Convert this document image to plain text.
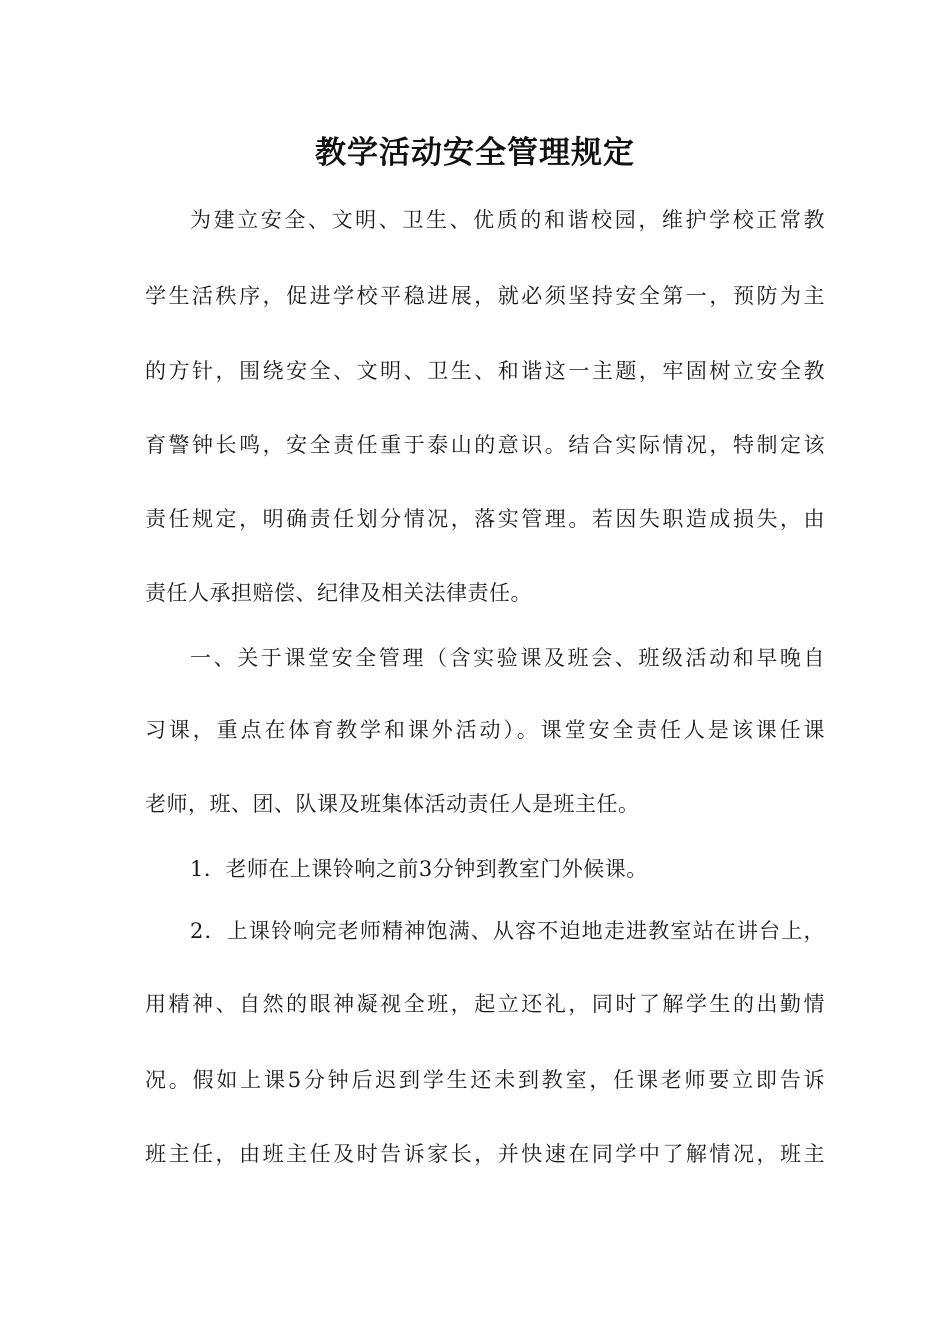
教学活动安全管理规定
为建立安全、文明、卫生、优质的和谐校园，维护学校正常教
学生活秩序，促进学校平稳进展，就必须坚持安全第一，预防为主
的方针，围绕安全、文明、卫生、和谐这一主题，牢固树立安全教
育警钟长鸣，安全责任重于泰山的意识。结合实际情况，特制定该
责任规定，明确责任划分情况，落实管理。若因失职造成损失，由
责任人承担赔偿、纪律及相关法律责任。
一、关于课堂安全管理（含实验课及班会、班级活动和早晚自
习课，重点在体育教学和课外活动）。课堂安全责任人是该课任课
老师，班、团、队课及班集体活动责任人是班主任。
1．老师在上课铃响之前3分钟到教室门外候课。
2．上课铃响完老师精神饱满、从容不迫地走进教室站在讲台上，
用精神、自然的眼神凝视全班，起立还礼，同时了解学生的出勤情
况。假如上课5分钟后迟到学生还未到教室，任课老师要立即告诉
班主任，由班主任及时告诉家长，并快速在同学中了解情况，班主
